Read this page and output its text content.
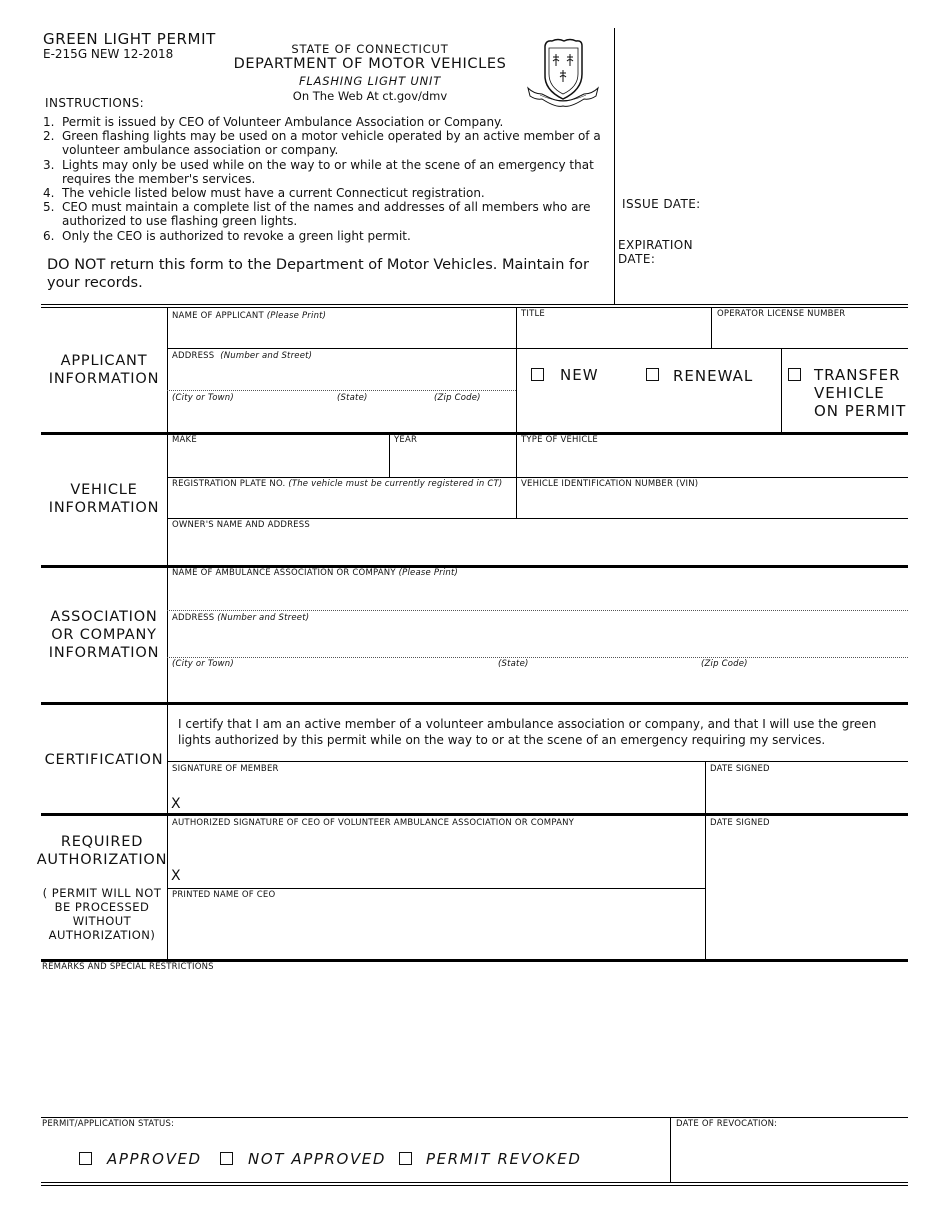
GREEN LIGHT PERMIT
E-215G NEW 12-2018	STATE OF CONNECTICUT
DEPARTMENT OF MOTOR VEHICLES
FLASHING LIGHT UNIT
On The Web At ct.gov/dmv
ISSUE DATE:
EXPIRATION
DATE:
INSTRUCTIONS:
1. Permit is issued by CEO of Volunteer Ambulance Association or Company.
2. Green flashing lights may be used on a motor vehicle operated by an active member of a volunteer ambulance association or company.
3. Lights may only be used while on the way to or while at the scene of an emergency that requires the member's services.
4. The vehicle listed below must have a current Connecticut registration.
5. CEO must maintain a complete list of the names and addresses of all members who are authorized to use flashing green lights.
6. Only the CEO is authorized to revoke a green light permit.
DO NOT return this form to the Department of Motor Vehicles. Maintain for your records.
APPLICANT
INFORMATION
NAME OF APPLICANT (Please Print)	TITLE	OPERATOR LICENSE NUMBER
ADDRESS (Number and Street)
(City or Town)	(State)	(Zip Code)
NEW	RENEWAL	TRANSFER
VEHICLE
ON PERMIT
VEHICLE
INFORMATION
MAKE	YEAR	TYPE OF VEHICLE
REGISTRATION PLATE NO. (The vehicle must be currently registered in CT) VEHICLE IDENTIFICATION NUMBER (VIN)
OWNER'S NAME AND ADDRESS
ASSOCIATION
OR COMPANY
INFORMATION
NAME OF AMBULANCE ASSOCIATION OR COMPANY (Please Print)
ADDRESS (Number and Street)
(City or Town)	(State)	(Zip Code)
CERTIFICATION
I certify that I am an active member of a volunteer ambulance association or company, and that I will use the green
lights authorized by this permit while on the way to or at the scene of an emergency requiring my services.
SIGNATURE OF MEMBER
X
DATE SIGNED
REQUIRED
AUTHORIZATION
( PERMIT WILL NOT
BE PROCESSED
WITHOUT
AUTHORIZATION)
AUTHORIZED SIGNATURE OF CEO OF VOLUNTEER AMBULANCE ASSOCIATION OR COMPANY
X
DATE SIGNED
PRINTED NAME OF CEO
REMARKS AND SPECIAL RESTRICTIONS
PERMIT/APPLICATION STATUS:
APPROVED	NOT APPROVED	PERMIT REVOKED
DATE OF REVOCATION:
